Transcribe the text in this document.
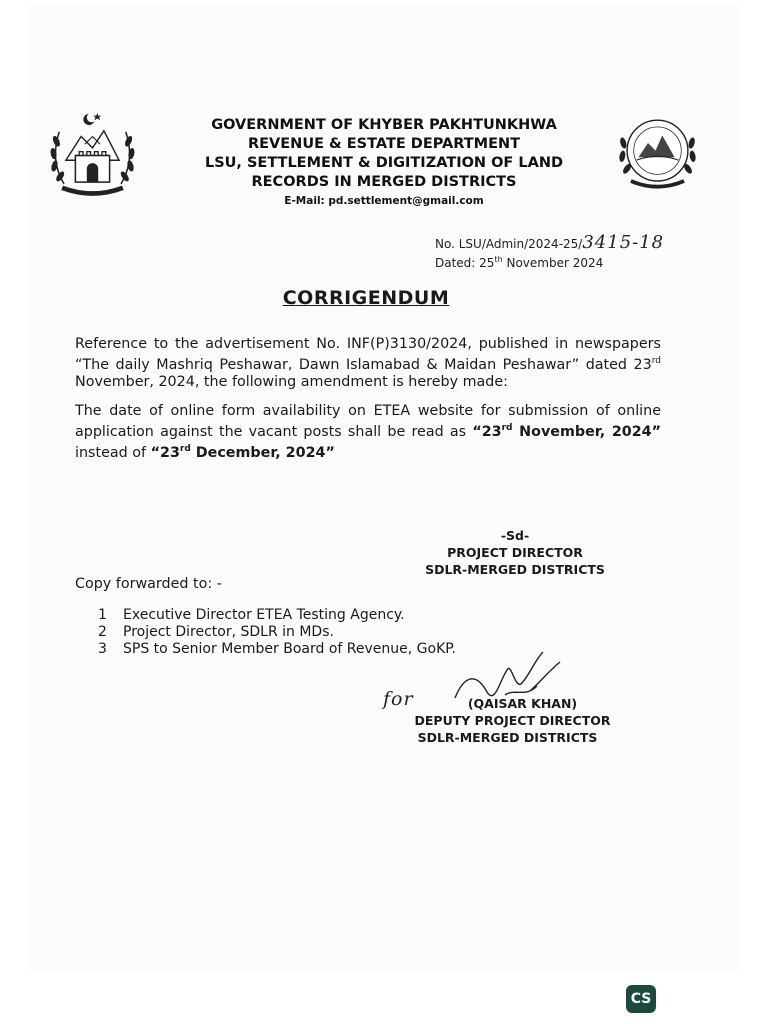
GOVERNMENT OF KHYBER PAKHTUNKHWA
REVENUE & ESTATE DEPARTMENT
LSU, SETTLEMENT & DIGITIZATION OF LAND
RECORDS IN MERGED DISTRICTS
E-Mail: pd.settlement@gmail.com
No. LSU/Admin/2024-25/3415-18
Dated: 25th November 2024
CORRIGENDUM
Reference to the advertisement No. INF(P)3130/2024, published in newspapers “The daily Mashriq Peshawar, Dawn Islamabad & Maidan Peshawar” dated 23rd November, 2024, the following amendment is hereby made:
The date of online form availability on ETEA website for submission of online application against the vacant posts shall be read as “23rd November, 2024” instead of “23rd December, 2024”
-Sd-
PROJECT DIRECTOR
SDLR-MERGED DISTRICTS
Copy forwarded to: -
1 Executive Director ETEA Testing Agency.
2 Project Director, SDLR in MDs.
3 SPS to Senior Member Board of Revenue, GoKP.
for	(QAISAR KHAN)
DEPUTY PROJECT DIRECTOR
SDLR-MERGED DISTRICTS
CS
